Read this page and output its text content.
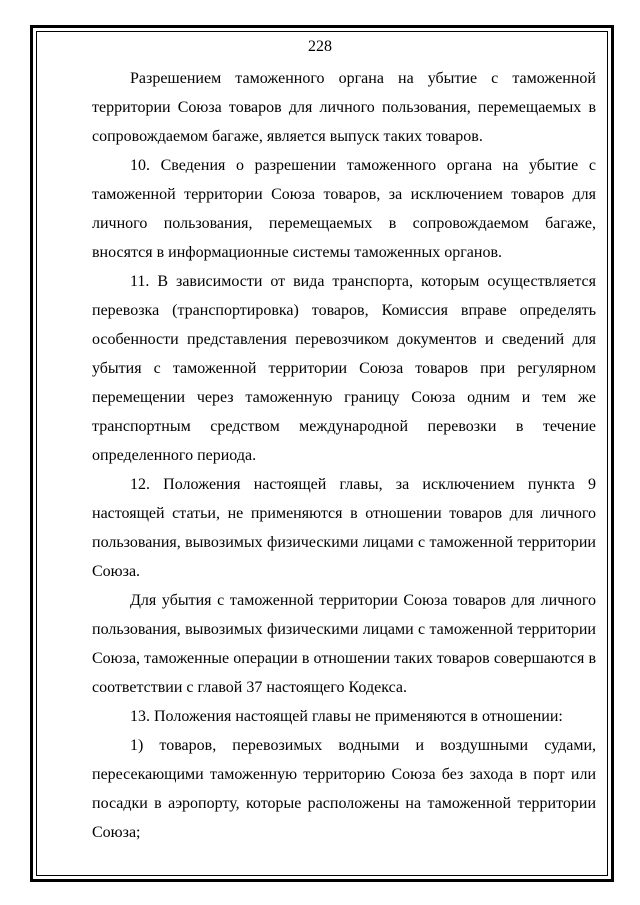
228

Разрешением таможенного органа на убытие с таможенной территории Союза товаров для личного пользования, перемещаемых в сопровождаемом багаже, является выпуск таких товаров.

10. Сведения о разрешении таможенного органа на убытие с таможенной территории Союза товаров, за исключением товаров для личного пользования, перемещаемых в сопровождаемом багаже, вносятся в информационные системы таможенных органов.

11. В зависимости от вида транспорта, которым осуществляется перевозка (транспортировка) товаров, Комиссия вправе определять особенности представления перевозчиком документов и сведений для убытия с таможенной территории Союза товаров при регулярном перемещении через таможенную границу Союза одним и тем же транспортным средством международной перевозки в течение определенного периода.

12. Положения настоящей главы, за исключением пункта 9 настоящей статьи, не применяются в отношении товаров для личного пользования, вывозимых физическими лицами с таможенной территории Союза.

Для убытия с таможенной территории Союза товаров для личного пользования, вывозимых физическими лицами с таможенной территории Союза, таможенные операции в отношении таких товаров совершаются в соответствии с главой 37 настоящего Кодекса.

13. Положения настоящей главы не применяются в отношении:

1) товаров, перевозимых водными и воздушными судами, пересекающими таможенную территорию Союза без захода в порт или посадки в аэропорту, которые расположены на таможенной территории Союза;
